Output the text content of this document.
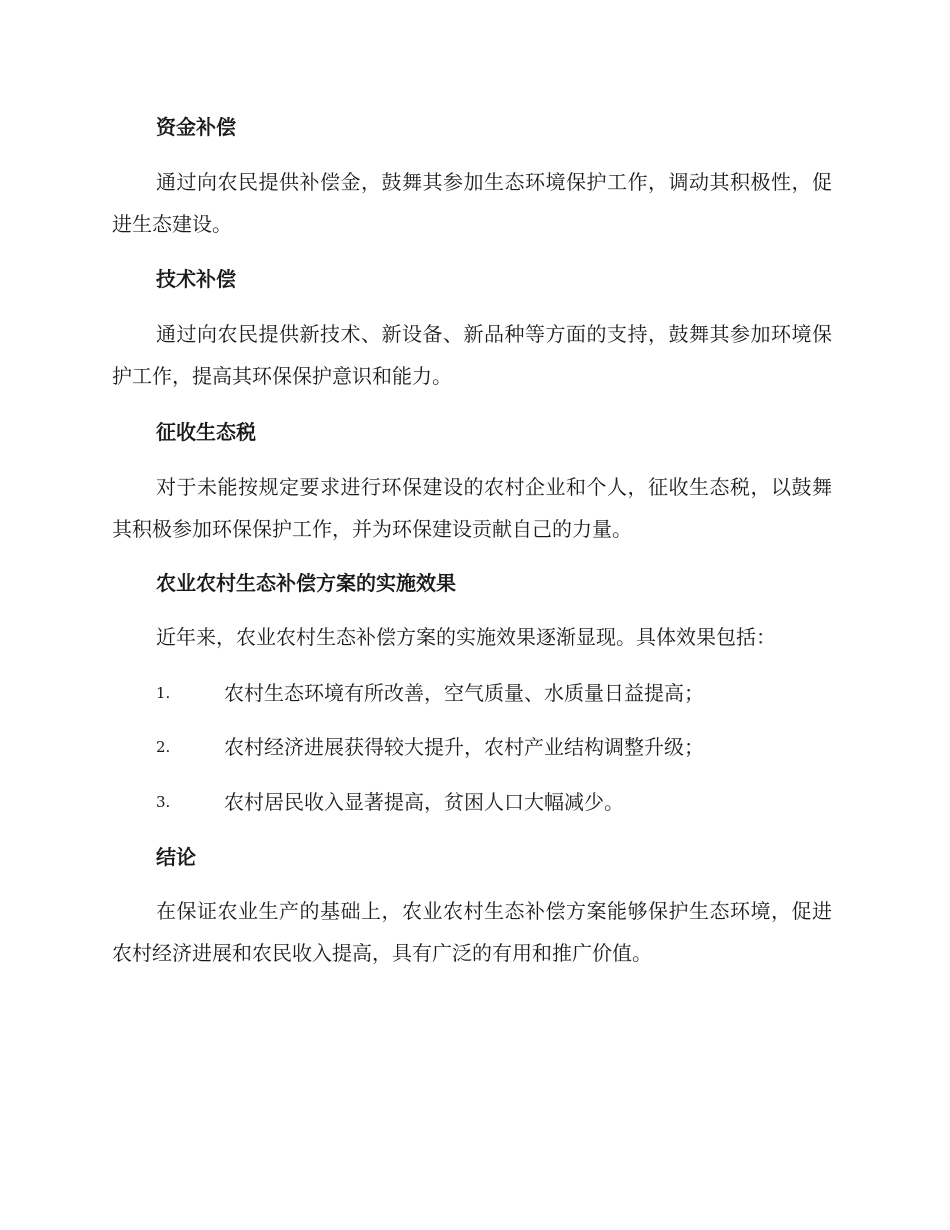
资金补偿
通过向农民提供补偿金，鼓舞其参加生态环境保护工作，调动其积极性，促进生态建设。
技术补偿
通过向农民提供新技术、新设备、新品种等方面的支持，鼓舞其参加环境保护工作，提高其环保保护意识和能力。
征收生态税
对于未能按规定要求进行环保建设的农村企业和个人，征收生态税，以鼓舞其积极参加环保保护工作，并为环保建设贡献自己的力量。
农业农村生态补偿方案的实施效果
近年来，农业农村生态补偿方案的实施效果逐渐显现。具体效果包括：
1.	农村生态环境有所改善，空气质量、水质量日益提高；
2.	农村经济进展获得较大提升，农村产业结构调整升级；
3.	农村居民收入显著提高，贫困人口大幅减少。
结论
在保证农业生产的基础上，农业农村生态补偿方案能够保护生态环境，促进农村经济进展和农民收入提高，具有广泛的有用和推广价值。
